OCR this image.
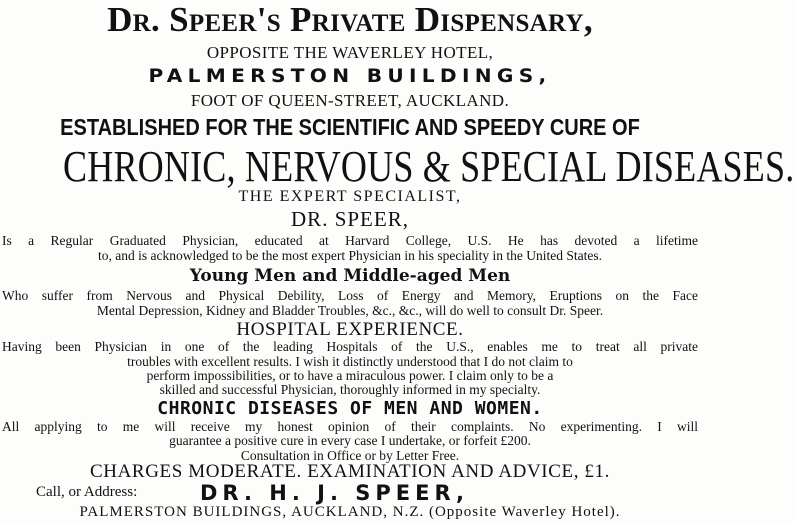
Dr. Speer's Private Dispensary,
OPPOSITE THE WAVERLEY HOTEL,
PALMERSTON BUILDINGS,
FOOT OF QUEEN-STREET, AUCKLAND.
ESTABLISHED FOR THE SCIENTIFIC AND SPEEDY CURE OF
CHRONIC, NERVOUS & SPECIAL DISEASES.
THE EXPERT SPECIALIST,
DR. SPEER,
Is a Regular Graduated Physician, educated at Harvard College, U.S. He has devoted a lifetime
to, and is acknowledged to be the most expert Physician in his speciality in the United States.
Young Men and Middle-aged Men
Who suffer from Nervous and Physical Debility, Loss of Energy and Memory, Eruptions on the Face
Mental Depression, Kidney and Bladder Troubles, &c., &c., will do well to consult Dr. Speer.
HOSPITAL EXPERIENCE.
Having been Physician in one of the leading Hospitals of the U.S., enables me to treat all private
troubles with excellent results. I wish it distinctly understood that I do not claim to
perform impossibilities, or to have a miraculous power. I claim only to be a
skilled and successful Physician, thoroughly informed in my specialty.
CHRONIC DISEASES OF MEN AND WOMEN.
All applying to me will receive my honest opinion of their complaints. No experimenting. I will
guarantee a positive cure in every case I undertake, or forfeit £200.
Consultation in Office or by Letter Free.
CHARGES MODERATE. EXAMINATION AND ADVICE, £1.
Call, or Address:	DR. H. J. SPEER,
PALMERSTON BUILDINGS, AUCKLAND, N.Z. (Opposite Waverley Hotel).
